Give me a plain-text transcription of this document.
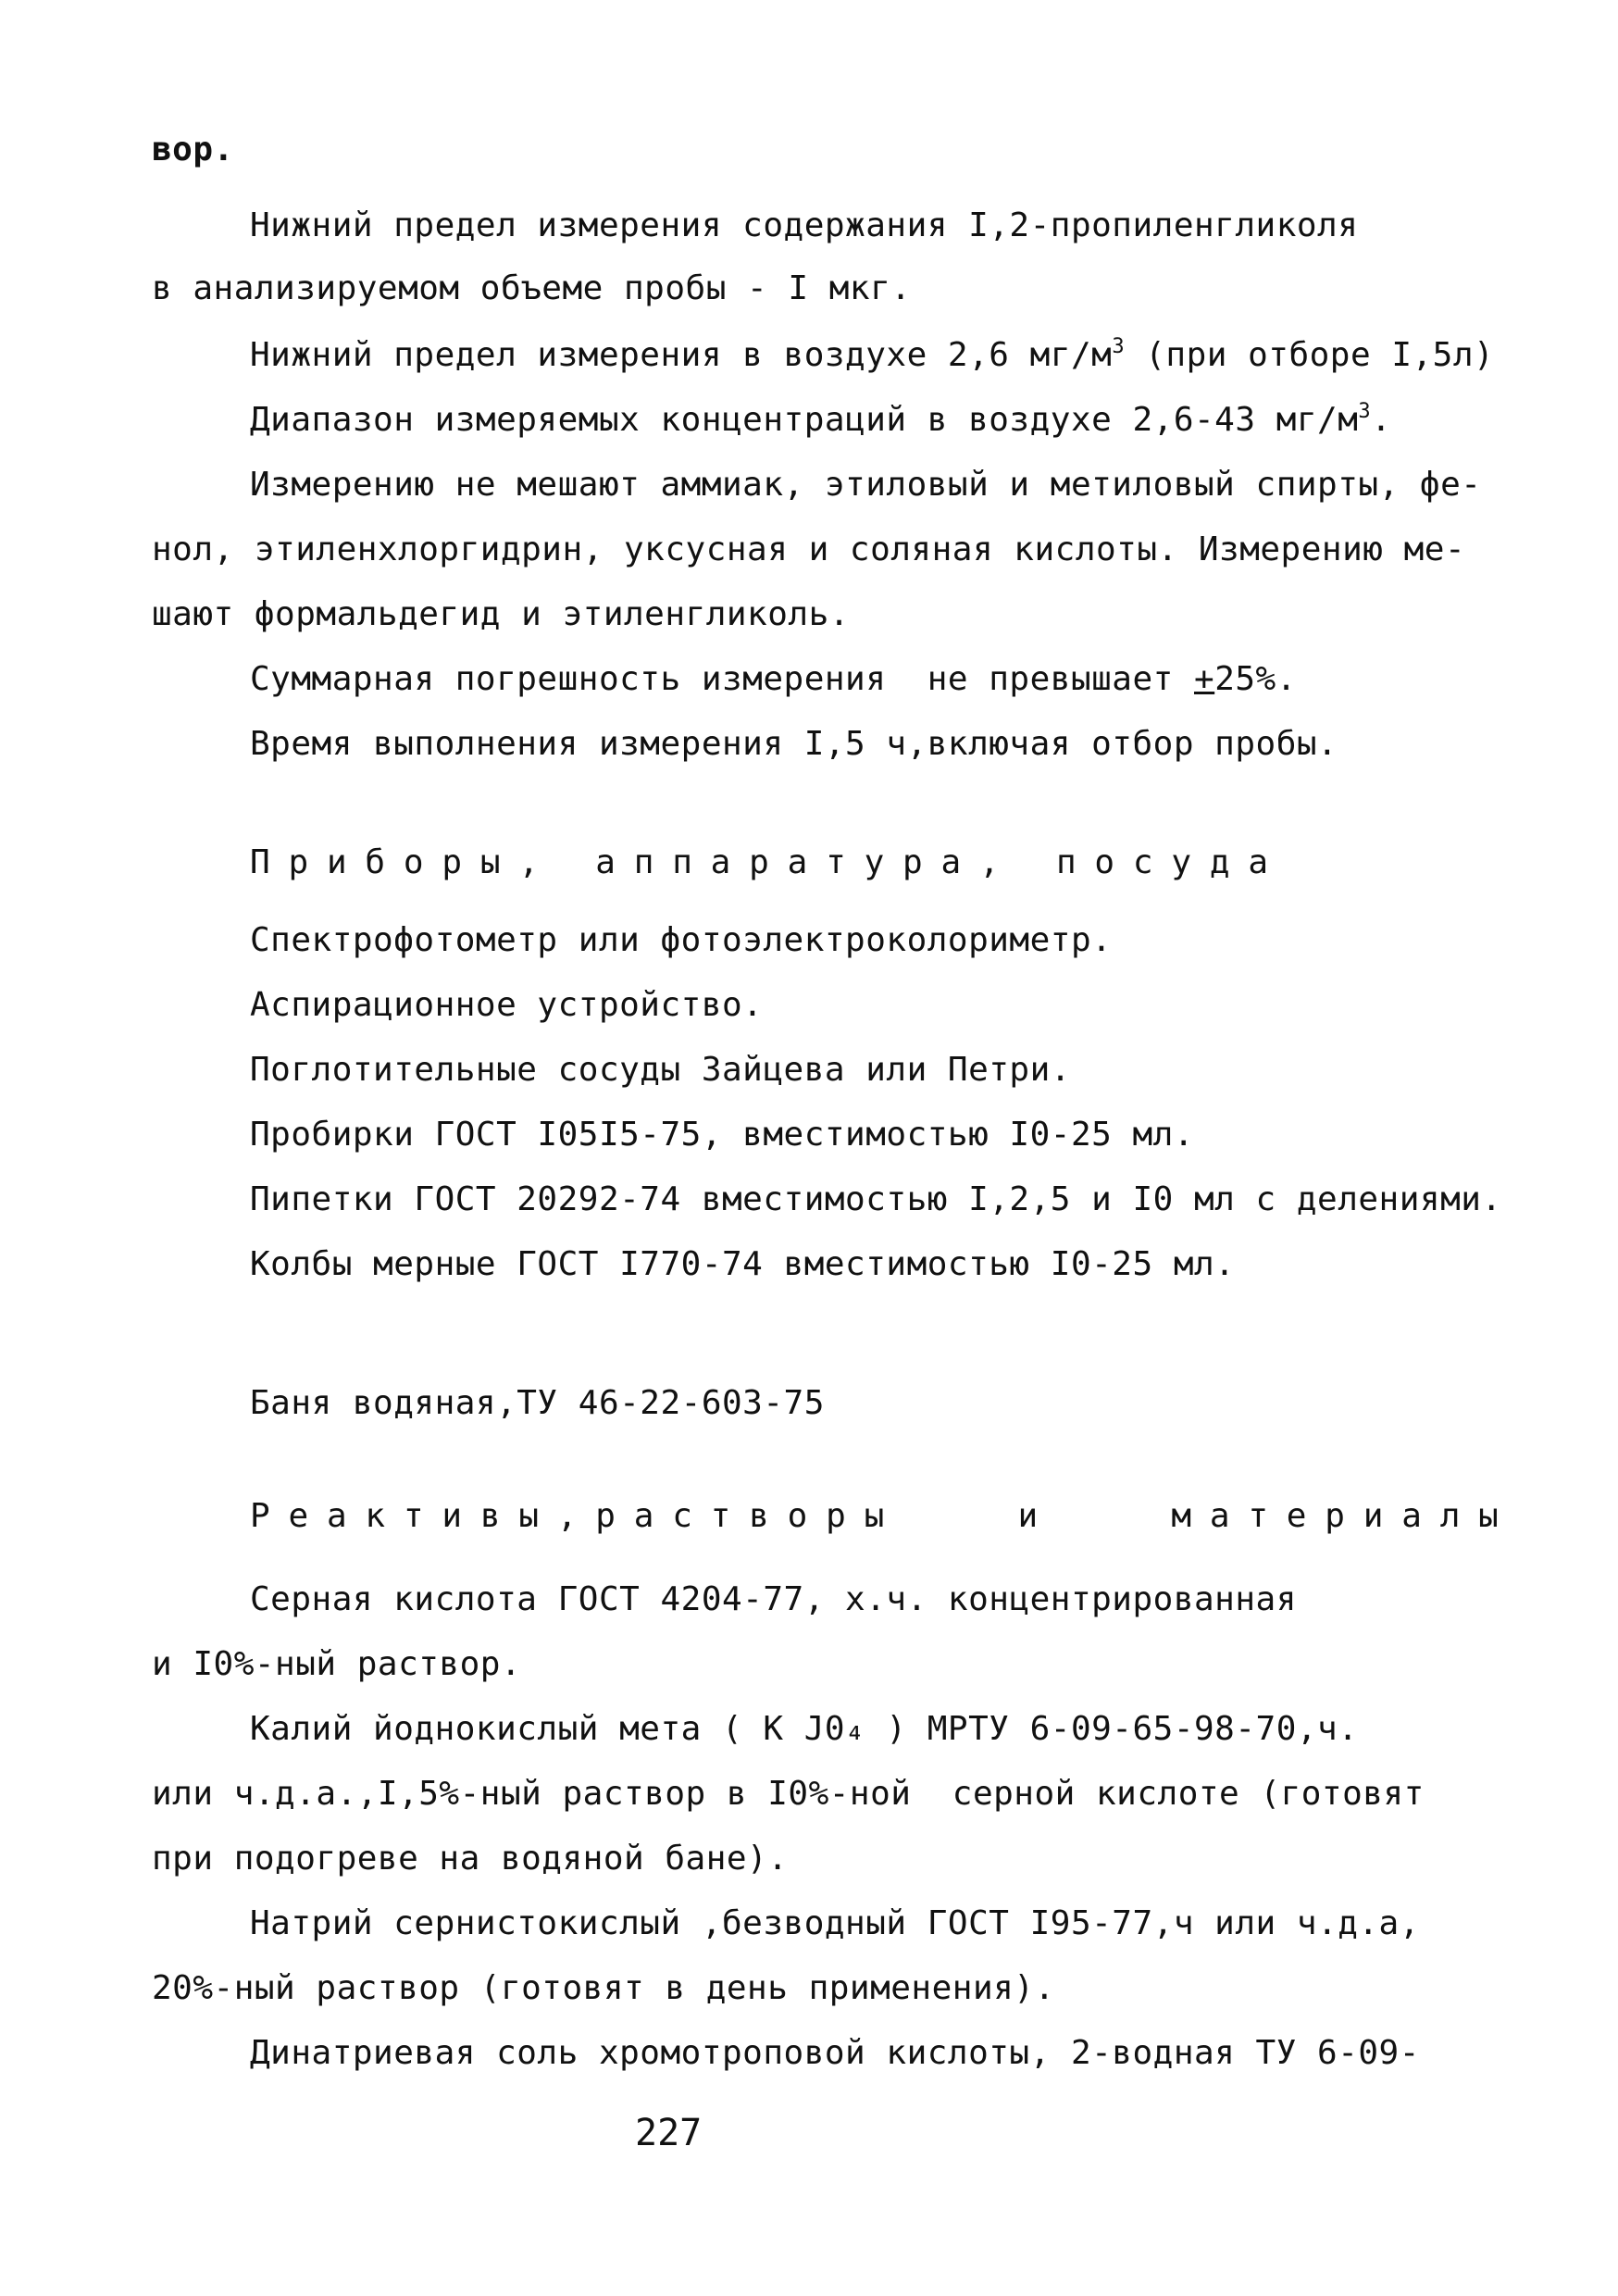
вор.
Нижний предел измерения содержания I,2-пропиленгликоля
в анализируемом объеме пробы - I мкг.
Нижний предел измерения в воздухе 2,6 $мг/м^3$ (при отборе I,5л)
Диапазон измеряемых концентраций в воздухе 2,6-43 $мг/м^3$.
Измерению не мешают аммиак, этиловый и метиловый спирты, фе-
нол, этиленхлоргидрин, уксусная и соляная кислоты. Измерению ме-
шают формальдегид и этиленгликоль.
Суммарная погрешность измерения  не превышает +25%.
Время выполнения измерения I,5 ч,включая отбор пробы.
Приборы, аппаратура, посуда
Спектрофотометр или фотоэлектроколориметр.
Аспирационное устройство.
Поглотительные сосуды Зайцева или Петри.
Пробирки ГОСТ I05I5-75, вместимостью I0-25 мл.
Пипетки ГОСТ 20292-74 вместимостью I,2,5 и I0 мл с делениями.
Колбы мерные ГОСТ I770-74 вместимостью I0-25 мл.
Баня водяная,ТУ 46-22-603-75
Реактивы,растворы   и   материалы
Серная кислота ГОСТ 4204-77, х.ч. концентрированная
и I0%-ный раствор.
Калий йоднокислый мета ( K J0₄ ) МРТУ 6-09-65-98-70,ч.
или ч.д.а.,I,5%-ный раствор в I0%-ной  серной кислоте (готовят
при подогреве на водяной бане).
Натрий сернистокислый ,безводный ГОСТ I95-77,ч или ч.д.а,
20%-ный раствор (готовят в день применения).
Динатриевая соль хромотроповой кислоты, 2-водная ТУ 6-09-
227
